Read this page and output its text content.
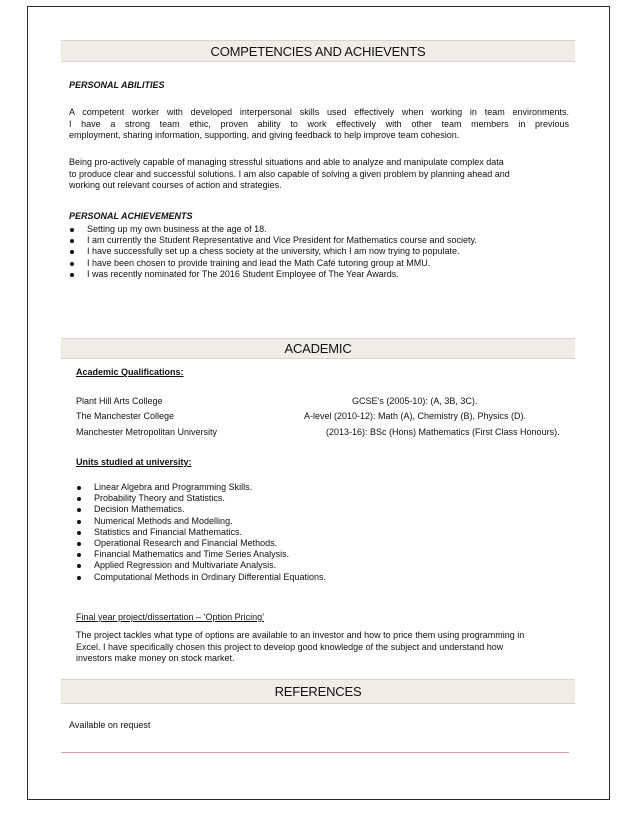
COMPETENCIES AND ACHIEVENTS
PERSONAL ABILITIES
A competent worker with developed interpersonal skills used effectively when working in team environments.
I have a strong team ethic, proven ability to work effectively with other team members in previous
employment, sharing information, supporting, and giving feedback to help improve team cohesion.
Being pro-actively capable of managing stressful situations and able to analyze and manipulate complex data
to produce clear and successful solutions. I am also capable of solving a given problem by planning ahead and
working out relevant courses of action and strategies.
PERSONAL ACHIEVEMENTS
Setting up my own business at the age of 18.
I am currently the Student Representative and Vice President for Mathematics course and society.
I have successfully set up a chess society at the university, which I am now trying to populate.
I have been chosen to provide training and lead the Math Café tutoring group at MMU.
I was recently nominated for The 2016 Student Employee of The Year Awards.
ACADEMIC
Academic Qualifications:
Plant Hill Arts College	GCSE’s (2005-10): (A, 3B, 3C).
The Manchester College	A-level (2010-12): Math (A), Chemistry (B), Physics (D).
Manchester Metropolitan University	(2013-16): BSc (Hons) Mathematics (First Class Honours).
Units studied at university:
Linear Algebra and Programming Skills.
Probability Theory and Statistics.
Decision Mathematics.
Numerical Methods and Modelling.
Statistics and Financial Mathematics.
Operational Research and Financial Methods.
Financial Mathematics and Time Series Analysis.
Applied Regression and Multivariate Analysis.
Computational Methods in Ordinary Differential Equations.
Final year project/dissertation – ‘Option Pricing’
The project tackles what type of options are available to an investor and how to price them using programming in
Excel. I have specifically chosen this project to develop good knowledge of the subject and understand how
investors make money on stock market.
REFERENCES
Available on request
